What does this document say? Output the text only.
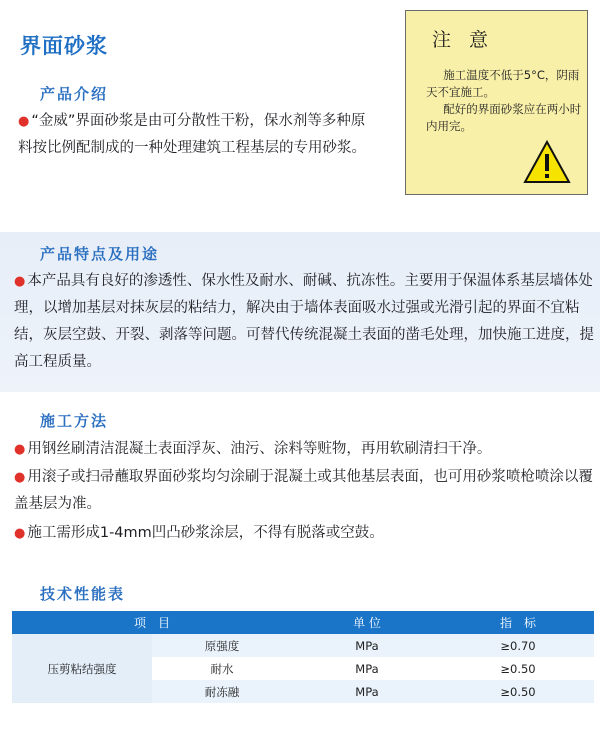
界面砂浆	注 意

施工温度不低于5°C，阴雨天不宜施工。

配好的界面砂浆应在两小时内用完。

产品介绍
● “金威”界面砂浆是由可分散性干粉，保水剂等多种原料按比例配制成的一种处理建筑工程基层的专用砂浆。
产品特点及用途
● 本产品具有良好的渗透性、保水性及耐水、耐碱、抗冻性。主要用于保温体系基层墙体处理，以增加基层对抹灰层的粘结力，解决由于墙体表面吸水过强或光滑引起的界面不宜粘结，灰层空鼓、开裂、剥落等问题。可替代传统混凝土表面的凿毛处理，加快施工进度，提高工程质量。
施工方法
● 用钢丝刷清洁混凝土表面浮灰、油污、涂料等赃物，再用软刷清扫干净。
● 用滚子或扫帚蘸取界面砂浆均匀涂刷于混凝土或其他基层表面，也可用砂浆喷枪喷涂以覆盖基层为准。
● 施工需形成1-4mm凹凸砂浆涂层，不得有脱落或空鼓。
技术性能表
项　目		单 位	指　标
压剪粘结强度	原强度	MPa	≥0.70
	耐水	MPa	≥0.50
	耐冻融	MPa	≥0.50
